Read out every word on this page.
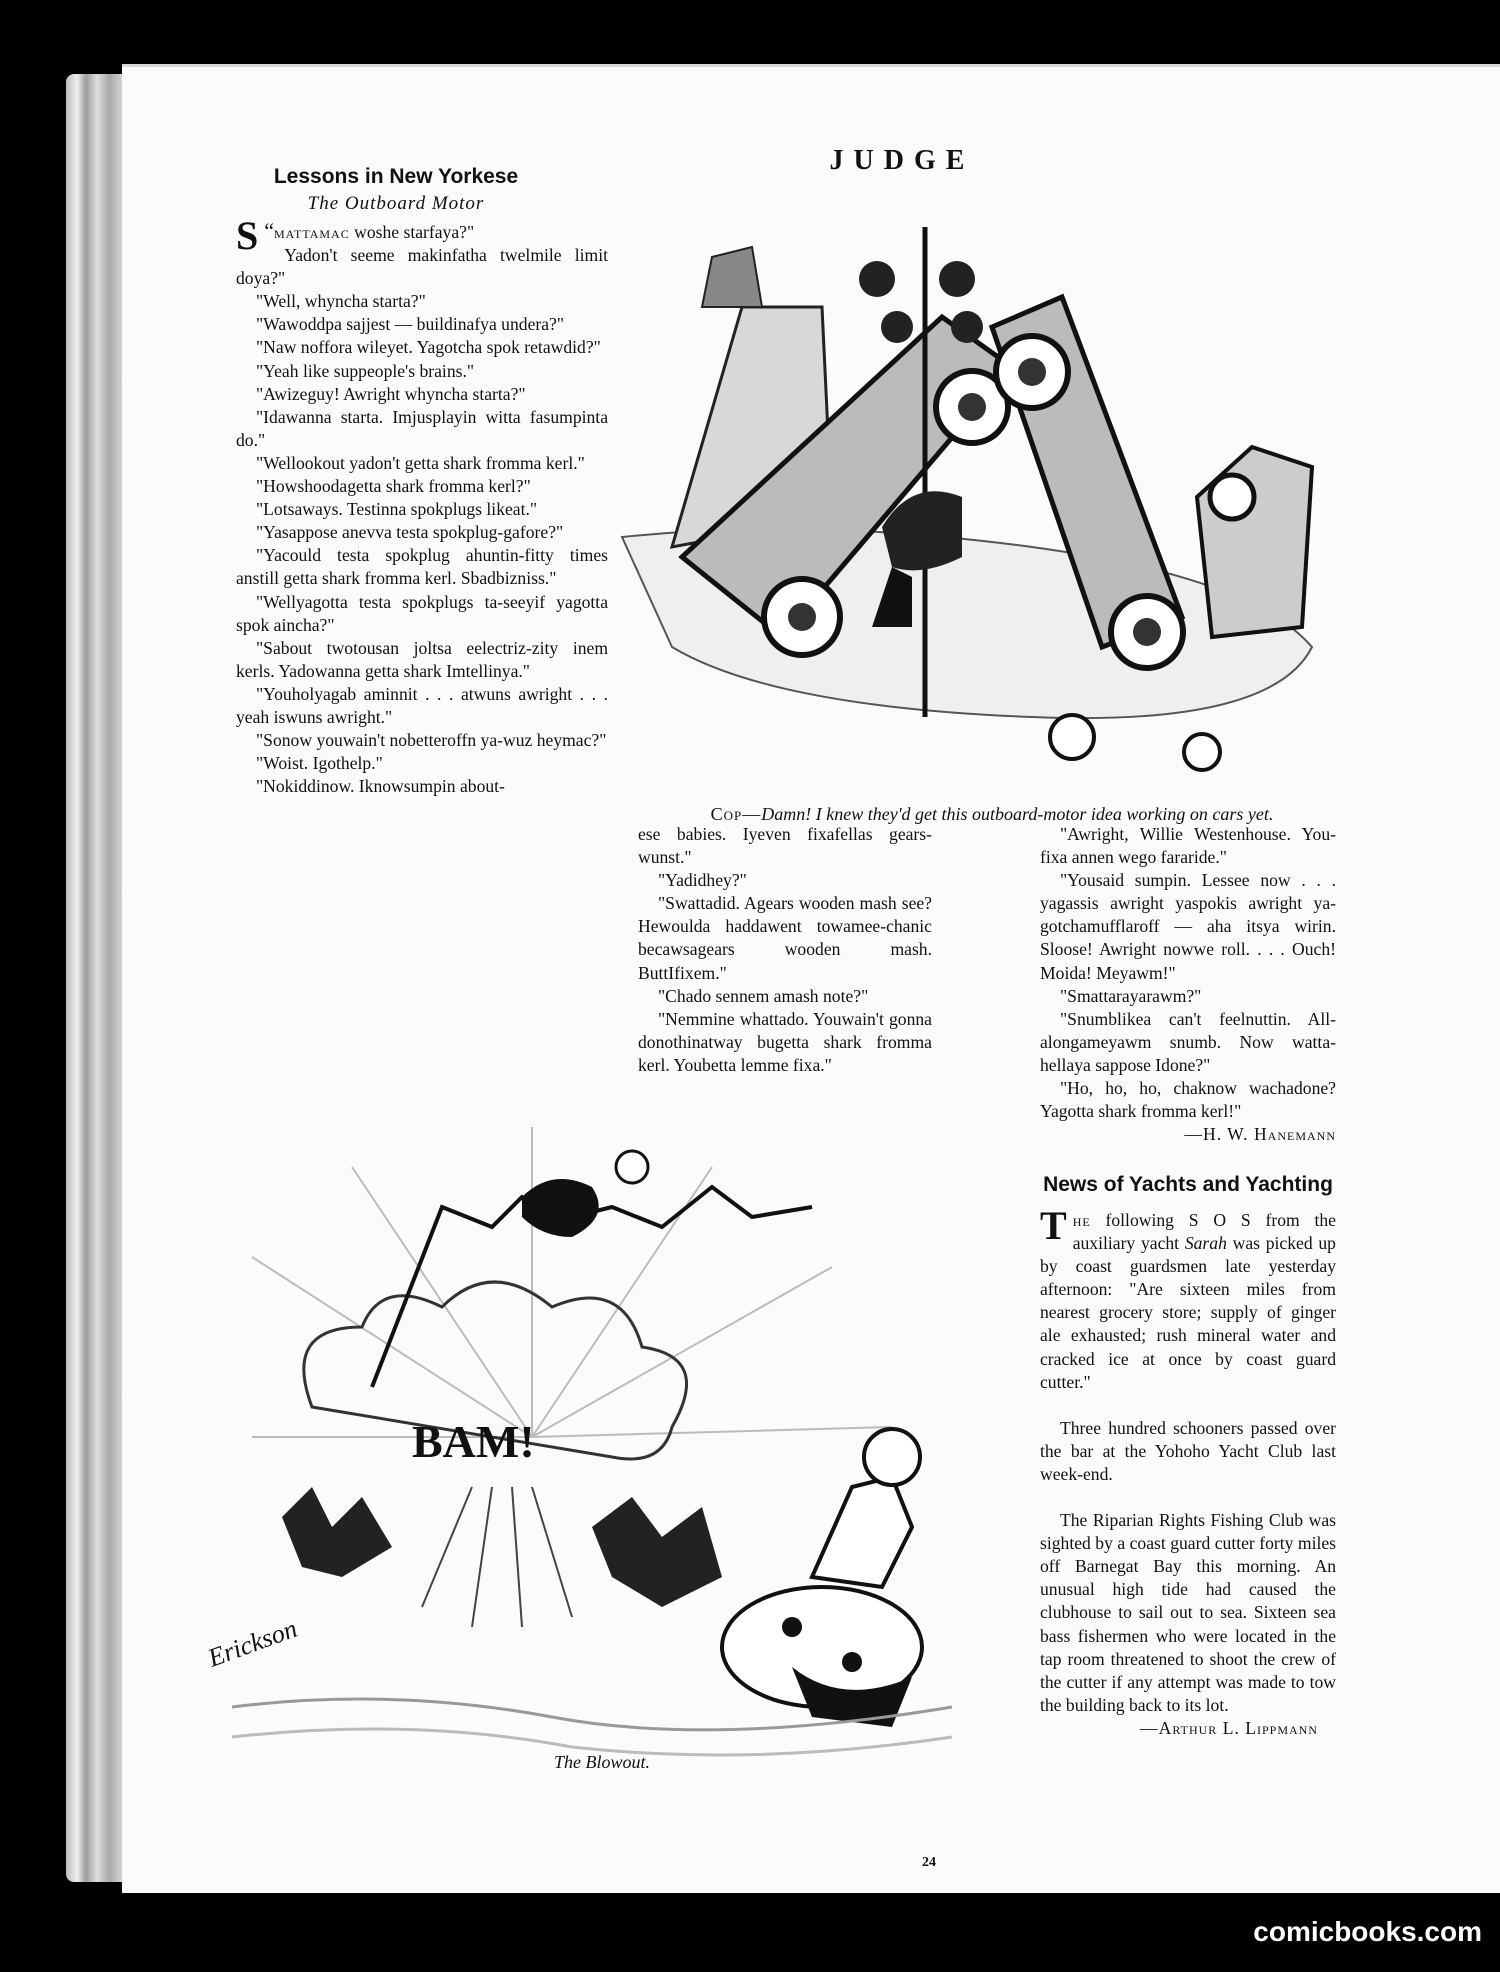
JUDGE
Lessons in New Yorkese
The Outboard Motor

“
S mattamac woshe starfaya?"

Yadon't seeme makinfatha twelmile limit doya?"

"Well, whyncha starta?"

"Wawoddpa sajjest — buildinafya undera?"

"Naw noffora wileyet. Yagotcha spok retawdid?"

"Yeah like suppeople's brains."

"Awizeguy! Awright whyncha starta?"

"Idawanna starta. Imjusplayin witta fasumpinta do."

"Wellookout yadon't getta shark fromma kerl."

"Howshoodagetta shark fromma kerl?"

"Lotsaways. Testinna spokplugs likeat."

"Yasappose anevva testa spokplug-gafore?"

"Yacould testa spokplug ahuntin-fitty times anstill getta shark fromma kerl. Sbadbizniss."

"Wellyagotta testa spokplugs ta-seeyif yagotta spok aincha?"

"Sabout twotousan joltsa eelectriz-zity inem kerls. Yadowanna getta shark Imtellinya."

"Youholyagab aminnit . . . atwuns awright . . . yeah iswuns awright."

"Sonow youwain't nobetteroffn ya-wuz heymac?"

"Woist. Igothelp."

"Nokiddinow. Iknowsumpin about-

ese babies. Iyeven fixafellas gears-wunst."

"Yadidhey?"

"Swattadid. Agears wooden mash see? Hewoulda haddawent towamee-chanic becawsagears wooden mash. ButtIfixem."

"Chado sennem amash note?"

"Nemmine whattado. Youwain't gonna donothinatway bugetta shark fromma kerl. Youbetta lemme fixa."

"Awright, Willie Westenhouse. You-fixa annen wego fararide."

"Yousaid sumpin. Lessee now . . . yagassis awright yaspokis awright ya-gotchamufflaroff — aha itsya wirin. Sloose! Awright nowwe roll. . . . Ouch! Moida! Meyawm!"

"Smattarayarawm?"

"Snumblikea can't feelnuttin. All-alongameyawm snumb. Now watta-hellaya sappose Idone?"

"Ho, ho, ho, chaknow wachadone? Yagotta shark fromma kerl!"

—H. W. Hanemann
News of Yachts and Yachting

The following S O S from the auxiliary yacht Sarah was picked up by coast guardsmen late yesterday afternoon: "Are sixteen miles from nearest grocery store; supply of ginger ale exhausted; rush mineral water and cracked ice at once by coast guard cutter."

Three hundred schooners passed over the bar at the Yohoho Yacht Club last week-end.

The Riparian Rights Fishing Club was sighted by a coast guard cutter forty miles off Barnegat Bay this morning. An unusual high tide had caused the clubhouse to sail out to sea. Sixteen sea bass fishermen who were located in the tap room threatened to shoot the crew of the cutter if any attempt was made to tow the building back to its lot.

—Arthur L. Lippmann
Cop—Damn! I knew they'd get this outboard-motor idea working on cars yet.
BAM!
Erickson
The Blowout.
24
comicbooks.com
